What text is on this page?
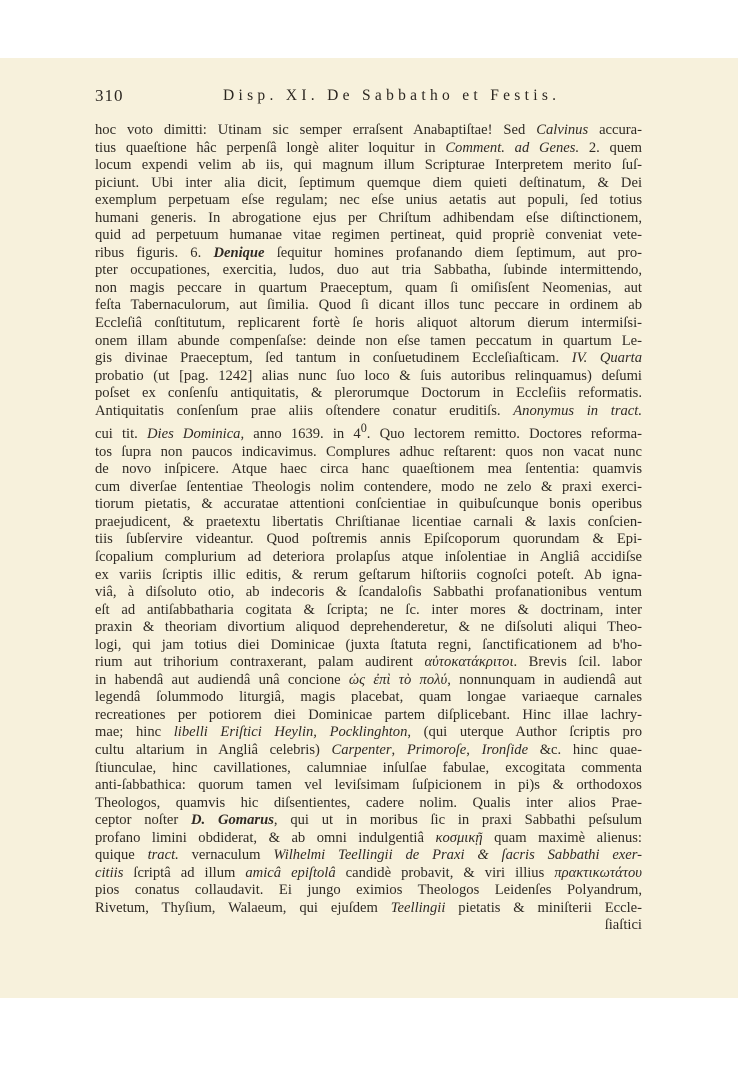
310	Disp. XI. De Sabbatho et Festis.
hoc voto dimitti: Utinam sic semper erraſsent Anabaptiſtae! Sed Calvinus accura-
tius quaeſtione hâc perpenſâ longè aliter loquitur in Comment. ad Genes. 2. quem
locum expendi velim ab iis, qui magnum illum Scripturae Interpretem merito ſuſ-
piciunt. Ubi inter alia dicit, ſeptimum quemque diem quieti deſtinatum, & Dei
exemplum perpetuam eſse regulam; nec eſse unius aetatis aut populi, ſed totius
humani generis. In abrogatione ejus per Chriſtum adhibendam eſse diſtinctionem,
quid ad perpetuum humanae vitae regimen pertineat, quid propriè conveniat vete-
ribus figuris. 6. Denique ſequitur homines profanando diem ſeptimum, aut pro-
pter occupationes, exercitia, ludos, duo aut tria Sabbatha, ſubinde intermittendo,
non magis peccare in quartum Praeceptum, quam ſi omiſisſent Neomenias, aut
feſta Tabernaculorum, aut ſimilia. Quod ſi dicant illos tunc peccare in ordinem ab
Eccleſiâ conſtitutum, replicarent fortè ſe horis aliquot altorum dierum intermiſsi-
onem illam abunde compenſaſse: deinde non eſse tamen peccatum in quartum Le-
gis divinae Praeceptum, ſed tantum in conſuetudinem Eccleſiaſticam. IV. Quarta
probatio (ut [pag. 1242] alias nunc ſuo loco & ſuis autoribus relinquamus) deſumi
poſset ex conſenſu antiquitatis, & plerorumque Doctorum in Eccleſiis reformatis.
Antiquitatis conſenſum prae aliis oſtendere conatur eruditiſs. Anonymus in tract.
cui tit. Dies Dominica, anno 1639. in $4^0$. Quo lectorem remitto. Doctores reforma-
tos ſupra non paucos indicavimus. Complures adhuc reſtarent: quos non vacat nunc
de novo inſpicere. Atque haec circa hanc quaeſtionem mea ſententia: quamvis
cum diverſae ſententiae Theologis nolim contendere, modo ne zelo & praxi exerci-
tiorum pietatis, & accuratae attentioni conſcientiae in quibuſcunque bonis operibus
praejudicent, & praetextu libertatis Chriſtianae licentiae carnali & laxis conſcien-
tiis ſubſervire videantur. Quod poſtremis annis Epiſcoporum quorundam & Epi-
ſcopalium complurium ad deteriora prolapſus atque inſolentiae in Angliâ accidiſse
ex variis ſcriptis illic editis, & rerum geſtarum hiſtoriis cognoſci poteſt. Ab igna-
viâ, à diſsoluto otio, ab indecoris & ſcandaloſis Sabbathi profanationibus ventum
eſt ad antiſabbatharia cogitata & ſcripta; ne ſc. inter mores & doctrinam, inter
praxin & theoriam divortium aliquod deprehenderetur, & ne diſsoluti aliqui Theo-
logi, qui jam totius diei Dominicae (juxta ſtatuta regni, ſanctificationem ad b'ho-
rium aut trihorium contraxerant, palam audirent αὐτοκατάκριτοι. Brevis ſcil. labor
in habendâ aut audiendâ unâ concione ὡς ἐπὶ τὸ πολύ, nonnunquam in audiendâ aut
legendâ ſolummodo liturgiâ, magis placebat, quam longae variaeque carnales
recreationes per potiorem diei Dominicae partem diſplicebant. Hinc illae lachry-
mae; hinc libelli Eriſtici Heylin, Pocklinghton, (qui uterque Author ſcriptis pro
cultu altarium in Angliâ celebris) Carpenter, Primoroſe, Ironſide &c. hinc quae-
ſtiunculae, hinc cavillationes, calumniae inſulſae fabulae, excogitata commenta
anti-ſabbathica: quorum tamen vel leviſsimam ſuſpicionem in pi)s & orthodoxos
Theologos, quamvis hic diſsentientes, cadere nolim. Qualis inter alios Prae-
ceptor noſter D. Gomarus, qui ut in moribus ſic in praxi Sabbathi peſsulum
profano limini obdiderat, & ab omni indulgentiâ κοσμικῇ quam maximè alienus:
quique tract. vernaculum Wilhelmi Teellingii de Praxi & ſacris Sabbathi exer-
citiis ſcriptâ ad illum amicâ epiſtolâ candidè probavit, & viri illius πρακτικωτάτου
pios conatus collaudavit. Ei jungo eximios Theologos Leidenſes Polyandrum,
Rivetum, Thyſium, Walaeum, qui ejuſdem Teellingii pietatis & miniſterii Eccle-
ſiaſtici
